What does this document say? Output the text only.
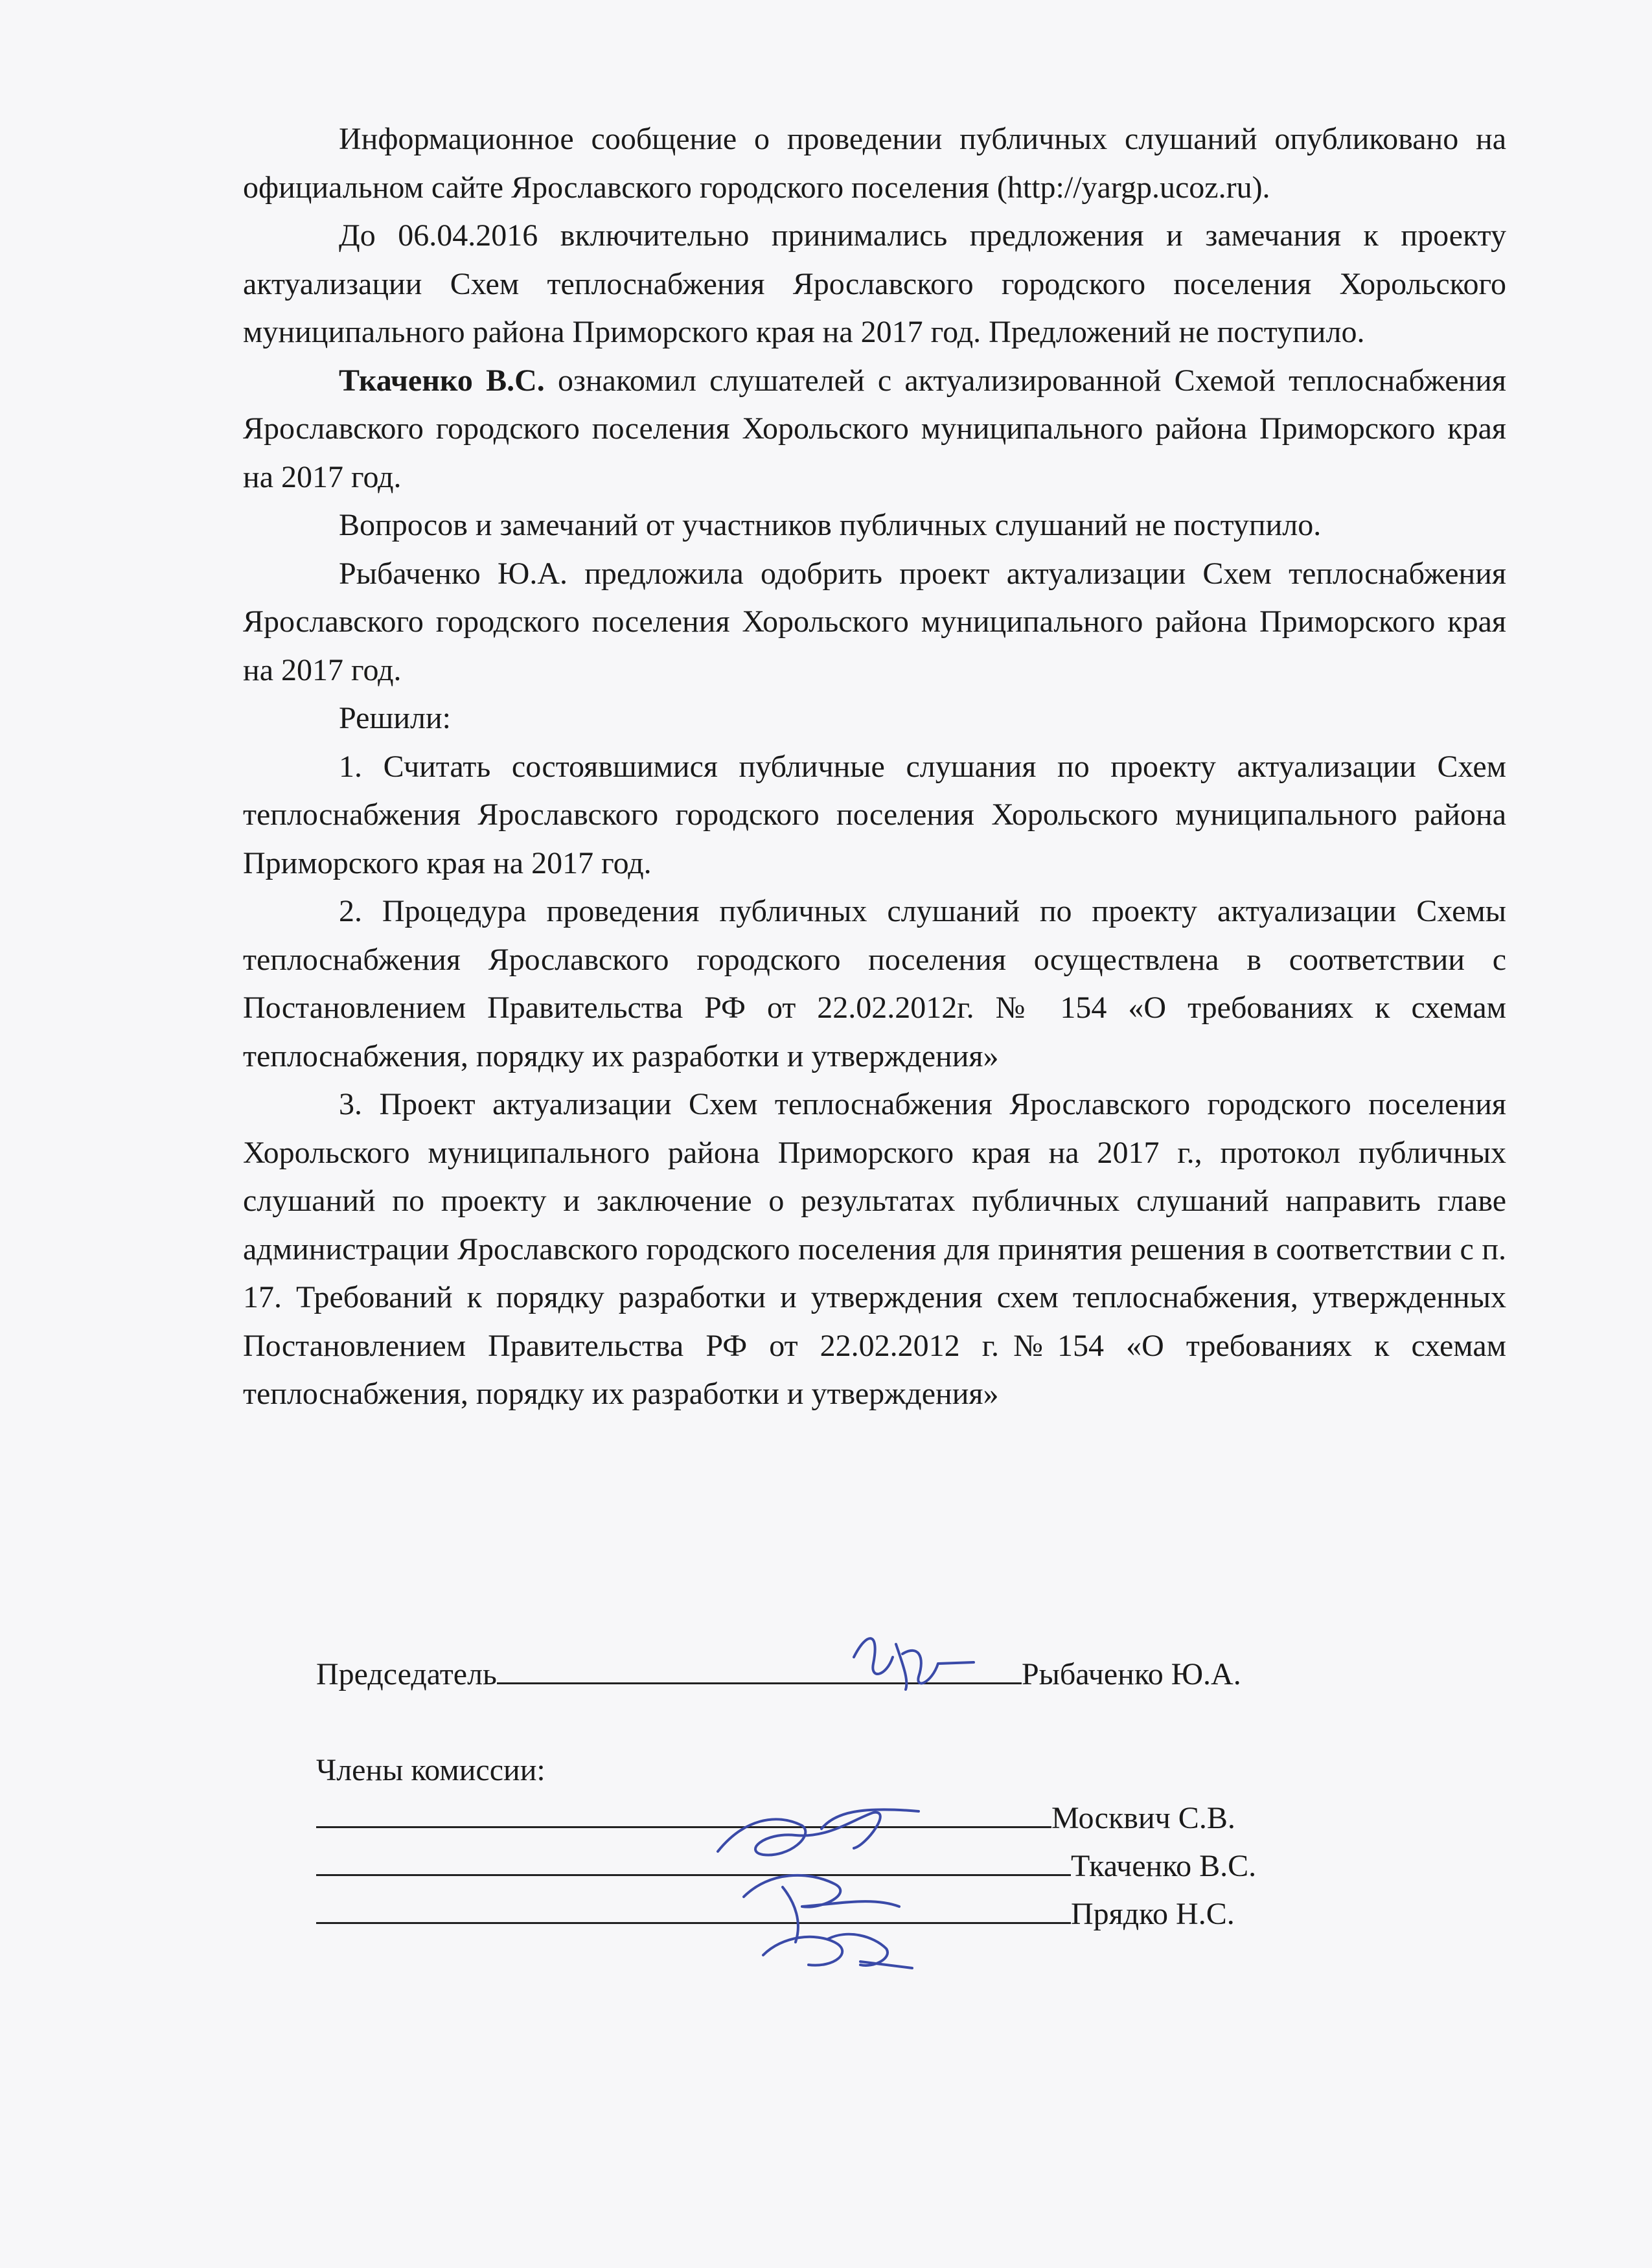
Информационное сообщение о проведении публичных слушаний опубликовано на официальном сайте Ярославского городского поселения (http://yargp.ucoz.ru).

До 06.04.2016 включительно принимались предложения и замечания к проекту актуализации Схем теплоснабжения Ярославского городского поселения Хорольского муниципального района Приморского края на 2017 год. Предложений не поступило.

Ткаченко В.С. ознакомил слушателей с актуализированной Схемой теплоснабжения Ярославского городского поселения Хорольского муниципального района Приморского края на 2017 год.

Вопросов и замечаний от участников публичных слушаний не поступило.

Рыбаченко Ю.А. предложила одобрить проект актуализации Схем теплоснабжения Ярославского городского поселения Хорольского муниципального района Приморского края на 2017 год.

Решили:

1. Считать состоявшимися публичные слушания по проекту актуализации Схем теплоснабжения Ярославского городского поселения Хорольского муниципального района Приморского края на 2017 год.

2. Процедура проведения публичных слушаний по проекту актуализации Схемы теплоснабжения Ярославского городского поселения осуществлена в соответствии с Постановлением Правительства РФ от 22.02.2012г. № 154 «О требованиях к схемам теплоснабжения, порядку их разработки и утверждения»

3. Проект актуализации Схем теплоснабжения Ярославского городского поселения Хорольского муниципального района Приморского края на 2017 г., протокол публичных слушаний по проекту и заключение о результатах публичных слушаний направить главе администрации Ярославского городского поселения для принятия решения в соответствии с п. 17. Требований к порядку разработки и утверждения схем теплоснабжения, утвержденных Постановлением Правительства РФ от 22.02.2012 г.№154 «О требованиях к схемам теплоснабжения, порядку их разработки и утверждения»

Председатель	Рыбаченко Ю.А.
Члены комиссии:
Москвич С.В.
Ткаченко В.С.
Прядко Н.С.
